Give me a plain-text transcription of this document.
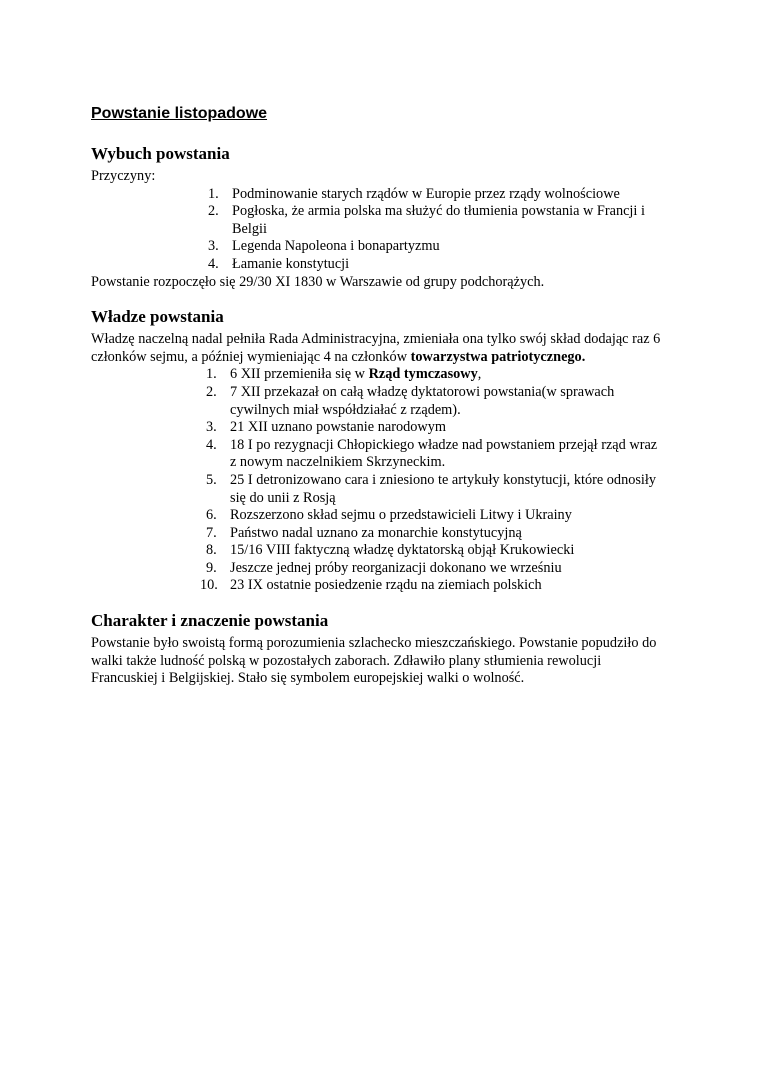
Powstanie listopadowe
Wybuch powstania

Przyczyny:

1. Podminowanie starych rządów w Europie przez rządy wolnościowe
2. Pogłoska, że armia polska ma służyć do tłumienia powstania w Francji i Belgii
3. Legenda Napoleona i bonapartyzmu
4. Łamanie konstytucji

Powstanie rozpoczęło się 29/30 XI 1830 w Warszawie od grupy podchorążych.

Władze powstania

Władzę naczelną nadal pełniła Rada Administracyjna, zmieniała ona tylko swój skład dodając raz 6 członków sejmu, a później wymieniając 4 na członków towarzystwa patriotycznego.

1. 6 XII przemieniła się w Rząd tymczasowy,
2. 7 XII przekazał on całą władzę dyktatorowi powstania(w sprawach cywilnych miał współdziałać z rządem).
3. 21 XII uznano powstanie narodowym
4. 18 I po rezygnacji Chłopickiego władze nad powstaniem przejął rząd wraz z nowym naczelnikiem Skrzyneckim.
5. 25 I detronizowano cara i zniesiono te artykuły konstytucji, które odnosiły się do unii z Rosją
6. Rozszerzono skład sejmu o przedstawicieli Litwy i Ukrainy
7. Państwo nadal uznano za monarchie konstytucyjną
8. 15/16 VIII faktyczną władzę dyktatorską objął Krukowiecki
9. Jeszcze jednej próby reorganizacji dokonano we wrześniu
10. 23 IX ostatnie posiedzenie rządu na ziemiach polskich
Charakter i znaczenie powstania

Powstanie było swoistą formą porozumienia szlachecko mieszczańskiego. Powstanie popudziło do walki także ludność polską w pozostałych zaborach. Zdławiło plany stłumienia rewolucji Francuskiej i Belgijskiej. Stało się symbolem europejskiej walki o wolność.
